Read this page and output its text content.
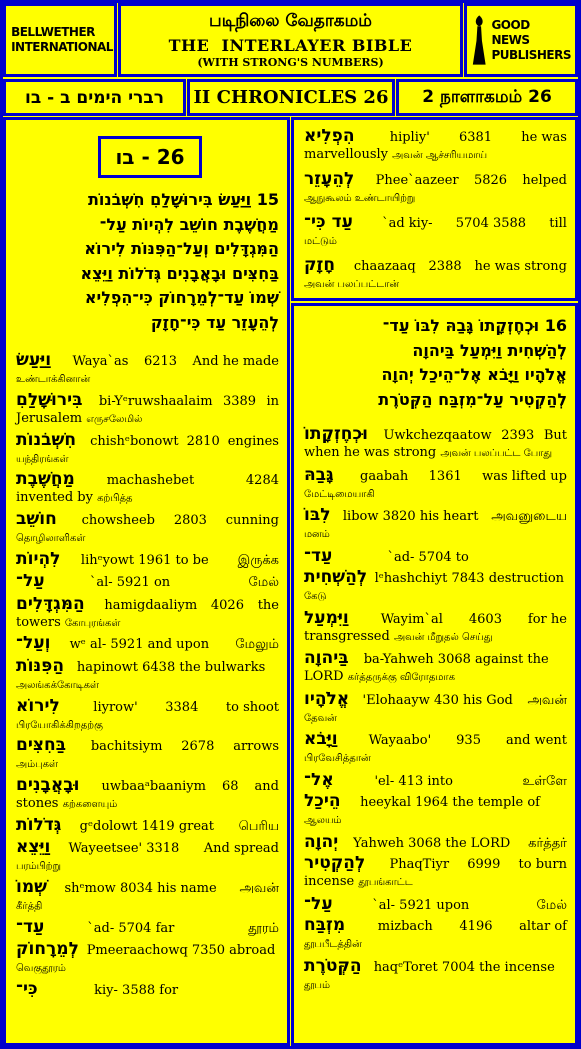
BELLWETHER
INTERNATIONAL
படிநிலை வேதாகமம்
THE  INTERLAYER BIBLE
(WITH STRONG'S NUMBERS)
GOOD NEWS
PUBLISHERS
רברי הימים ב - בו	II CHRONICLES 26	2 நாளாகமம் 26
26 - בו
15 וַיַּעַשׂ בִּירוּשָׁלַםִ חִשְּׁבֹנוֹת
מַחֲשֶׁבֶת חוֹשֵׁב לִהְיוֹת עַל־
הַמִּגְדָּלִים וְעַל־הַפִּנּוֹת לִירוֹא
בַּחִצִּים וּבָאֲבָנִים גְּדֹלוֹת וַיֵּצֵא
שְׁמוֹ עַד־לְמֵרָחוֹק כִּי־הִפְלִיא
לְהֵעָזֵר עַד כִּי־חָזָק
וַיַּעַשׂ Waya`as 6213 And he made
உண்டாக்கினான்
בִּירוּשָׁלַםִ bi-Yᵉruwshaalaim 3389 in
Jerusalem எருசலேமில்
חִשְּׁבֹנוֹת chishᵉbonowt 2810 engines
யந்திரங்கள்
מַחֲשֶׁבֶת machashebet	4284
invented by கற்பித்த
חוֹשֵׁב chowsheeb 2803 cunning
தொழிலாளிகள்
לִהְיוֹת lihᵉyowt 1961 to be இருக்க
עַל־	`al- 5921 on	மேல்
הַמִּגְדָּלִים hamigdaaliym 4026 the
towers கோபுரங்கள்
וְעַל־ wᵉ al- 5921 and upon மேலும்
הַפִּנּוֹת hapinowt 6438 the bulwarks
அலங்கக்கோடிகள்
לִירוֹא	liyrow' 3384 to shoot
பிரயோகிக்கிறதற்கு
בַּחִצִּים bachitsiym 2678 arrows
அம்புகள்
וּבָאֲבָנִים uwbaaᵃbaaniym 68 and
stones கற்களையும்
גְּדֹלוֹת gᵉdolowt 1419 great பெரிய
וַיֵּצֵא Wayeetsee' 3318 And spread
பரம்பிற்று
שְׁמוֹ shᵉmow 8034 his name அவன்
கீர்த்தி
עַד־	`ad- 5704 far	தூரம்
לְמֵרָחוֹק Pmeeraachowq 7350 abroad
வெகுதூரம்
כִּי־	kiy- 3588 for
הִפְלִיא	hipliy' 6381 he was
marvellously அவன் ஆச்சரியமாய்
לְהֵעָזֵר Phee`aazeer 5826 helped
ஆநுகூலம் உண்டாயிற்று
עַד כִּי־ `ad kiy- 5704 3588 till
மட்டும்
חָזָק chaazaaq 2388 he was strong
அவன் பலப்பட்டான்
16 וּכְחֶזְקָתוֹ גָּבַהּ לִבּוֹ עַד־
לְהַשְׁחִית וַיִּמְעַל בַּיהוָה
אֱלֹהָיו וַיָּבֹא אֶל־הֵיכַל יְהוָה
לְהַקְטִיר עַל־מִזְבַּח הַקְּטֹרֶת
וּכְחֶזְקָתוֹ Uwkchezqaatow 2393 But
when he was strong அவன் பலப்பட்ட போது
גָּבַהּ gaabah 1361 was lifted up
மேட்டிமையாகி
לִבּוֹ libow 3820 his heart அவனுடைய
மனம்
עַד־	`ad- 5704 to
לְהַשְׁחִית lᵉhashchiyt 7843 destruction
கேடு
וַיִּמְעַל Wayim`al 4603 for he
transgressed அவன் மீறுதல் செய்து
בַּיהוָה ba-Yahweh 3068 against the
LORD கர்த்தருக்கு விரோதமாக
אֱלֹהָיו 'Elohaayw 430 his God அவன்
தேவன்
וַיָּבֹא Wayaabo' 935 and went
பிரவேசித்தான்
אֶל־	'el- 413 into	உள்ளே
הֵיכַל heeykal 1964 the temple of
ஆலயம்
יְהוָה Yahweh 3068 the LORD கர்த்தர்
לְהַקְטִיר PhaqTiyr 6999 to burn
incense தூபங்காட்ட
עַל־	`al- 5921 upon	மேல்
מִזְבַּח	mizbach 4196 altar of
தூபபீடத்தின்
הַקְּטֹרֶת haqᵉToret 7004 the incense
தூபம்
